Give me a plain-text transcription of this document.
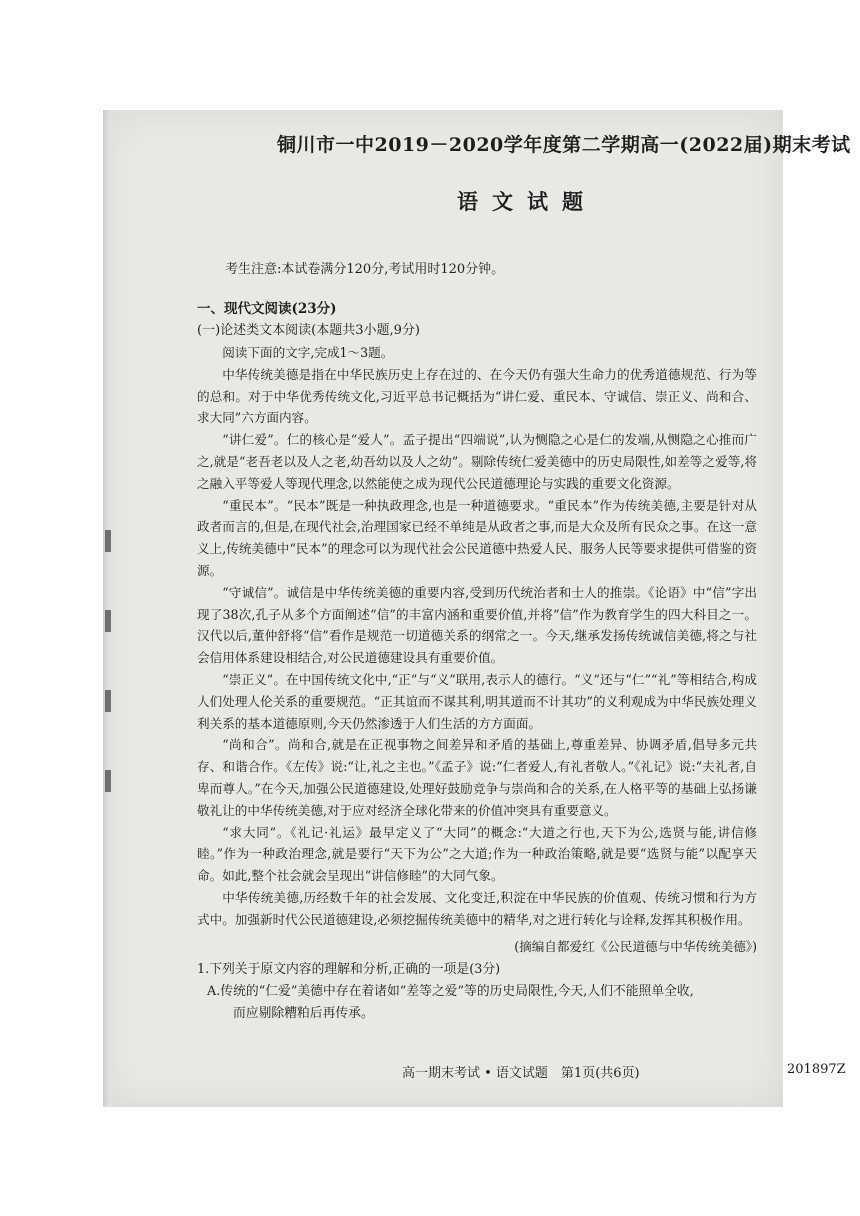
铜川市一中2019－2020学年度第二学期高一(2022届)期末考试
语文试题
考生注意:本试卷满分120分,考试用时120分钟。
一、现代文阅读(23分)
(一)论述类文本阅读(本题共3小题,9分)

阅读下面的文字,完成1～3题。

中华传统美德是指在中华民族历史上存在过的、在今天仍有强大生命力的优秀道德规范、行为等的总和。对于中华优秀传统文化,习近平总书记概括为“讲仁爱、重民本、守诚信、崇正义、尚和合、求大同”六方面内容。

“讲仁爱”。仁的核心是“爱人”。孟子提出“四端说”,认为恻隐之心是仁的发端,从恻隐之心推而广之,就是“老吾老以及人之老,幼吾幼以及人之幼”。剔除传统仁爱美德中的历史局限性,如差等之爱等,将之融入平等爱人等现代理念,以然能使之成为现代公民道德理论与实践的重要文化资源。

“重民本”。“民本”既是一种执政理念,也是一种道德要求。“重民本”作为传统美德,主要是针对从政者而言的,但是,在现代社会,治理国家已经不单纯是从政者之事,而是大众及所有民众之事。在这一意义上,传统美德中“民本”的理念可以为现代社会公民道德中热爱人民、服务人民等要求提供可借鉴的资源。

“守诚信”。诚信是中华传统美德的重要内容,受到历代统治者和士人的推崇。《论语》中“信”字出现了38次,孔子从多个方面阐述“信”的丰富内涵和重要价值,并将“信”作为教育学生的四大科目之一。汉代以后,董仲舒将“信”看作是规范一切道德关系的纲常之一。今天,继承发扬传统诚信美德,将之与社会信用体系建设相结合,对公民道德建设具有重要价值。

“崇正义”。在中国传统文化中,“正”与“义”联用,表示人的德行。“义”还与“仁”“礼”等相结合,构成人们处理人伦关系的重要规范。“正其谊而不谋其利,明其道而不计其功”的义利观成为中华民族处理义利关系的基本道德原则,今天仍然渗透于人们生活的方方面面。

“尚和合”。尚和合,就是在正视事物之间差异和矛盾的基础上,尊重差异、协调矛盾,倡导多元共存、和谐合作。《左传》说:“让,礼之主也。”《孟子》说:“仁者爱人,有礼者敬人。”《礼记》说:“夫礼者,自卑而尊人。”在今天,加强公民道德建设,处理好鼓励竞争与崇尚和合的关系,在人格平等的基础上弘扬谦敬礼让的中华传统美德,对于应对经济全球化带来的价值冲突具有重要意义。

“求大同”。《礼记·礼运》最早定义了“大同”的概念:“大道之行也,天下为公,选贤与能,讲信修睦。”作为一种政治理念,就是要行“天下为公”之大道;作为一种政治策略,就是要“选贤与能”以配享天命。如此,整个社会就会呈现出“讲信修睦”的大同气象。

中华传统美德,历经数千年的社会发展、文化变迁,积淀在中华民族的价值观、传统习惯和行为方式中。加强新时代公民道德建设,必须挖掘传统美德中的精华,对之进行转化与诠释,发挥其积极作用。

(摘编自都爱红《公民道德与中华传统美德》)
1.下列关于原文内容的理解和分析,正确的一项是(3分)
A.传统的“仁爱”美德中存在着诸如“差等之爱”等的历史局限性,今天,人们不能照单全收,
而应剔除糟粕后再传承。
高一期末考试 • 语文试题　第1页(共6页)	201897Z
